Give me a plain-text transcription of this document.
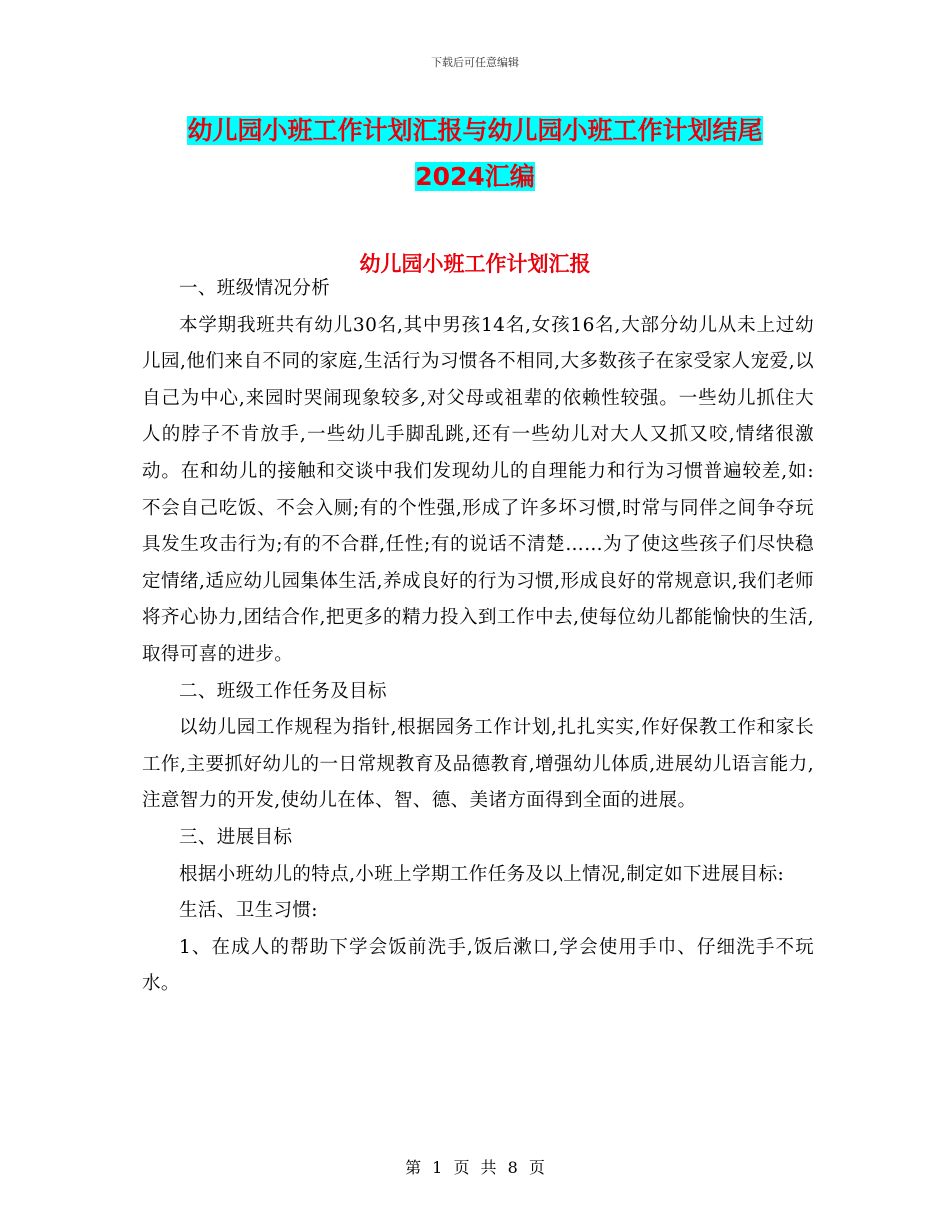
下载后可任意编辑
幼儿园小班工作计划汇报与幼儿园小班工作计划结尾
2024汇编
幼儿园小班工作计划汇报

一、班级情况分析

本学期我班共有幼儿30名,其中男孩14名,女孩16名,大部分幼儿从未上过幼儿园,他们来自不同的家庭,生活行为习惯各不相同,大多数孩子在家受家人宠爱,以自己为中心,来园时哭闹现象较多,对父母或祖辈的依赖性较强。一些幼儿抓住大人的脖子不肯放手,一些幼儿手脚乱跳,还有一些幼儿对大人又抓又咬,情绪很激动。在和幼儿的接触和交谈中我们发现幼儿的自理能力和行为习惯普遍较差,如:不会自己吃饭、不会入厕;有的个性强,形成了许多坏习惯,时常与同伴之间争夺玩具发生攻击行为;有的不合群,任性;有的说话不清楚……为了使这些孩子们尽快稳定情绪,适应幼儿园集体生活,养成良好的行为习惯,形成良好的常规意识,我们老师将齐心协力,团结合作,把更多的精力投入到工作中去,使每位幼儿都能愉快的生活,取得可喜的进步。

二、班级工作任务及目标

以幼儿园工作规程为指针,根据园务工作计划,扎扎实实,作好保教工作和家长工作,主要抓好幼儿的一日常规教育及品德教育,增强幼儿体质,进展幼儿语言能力,注意智力的开发,使幼儿在体、智、德、美诸方面得到全面的进展。

三、进展目标

根据小班幼儿的特点,小班上学期工作任务及以上情况,制定如下进展目标:

生活、卫生习惯:

1、在成人的帮助下学会饭前洗手,饭后漱口,学会使用手巾、仔细洗手不玩水。

第 1 页 共 8 页
